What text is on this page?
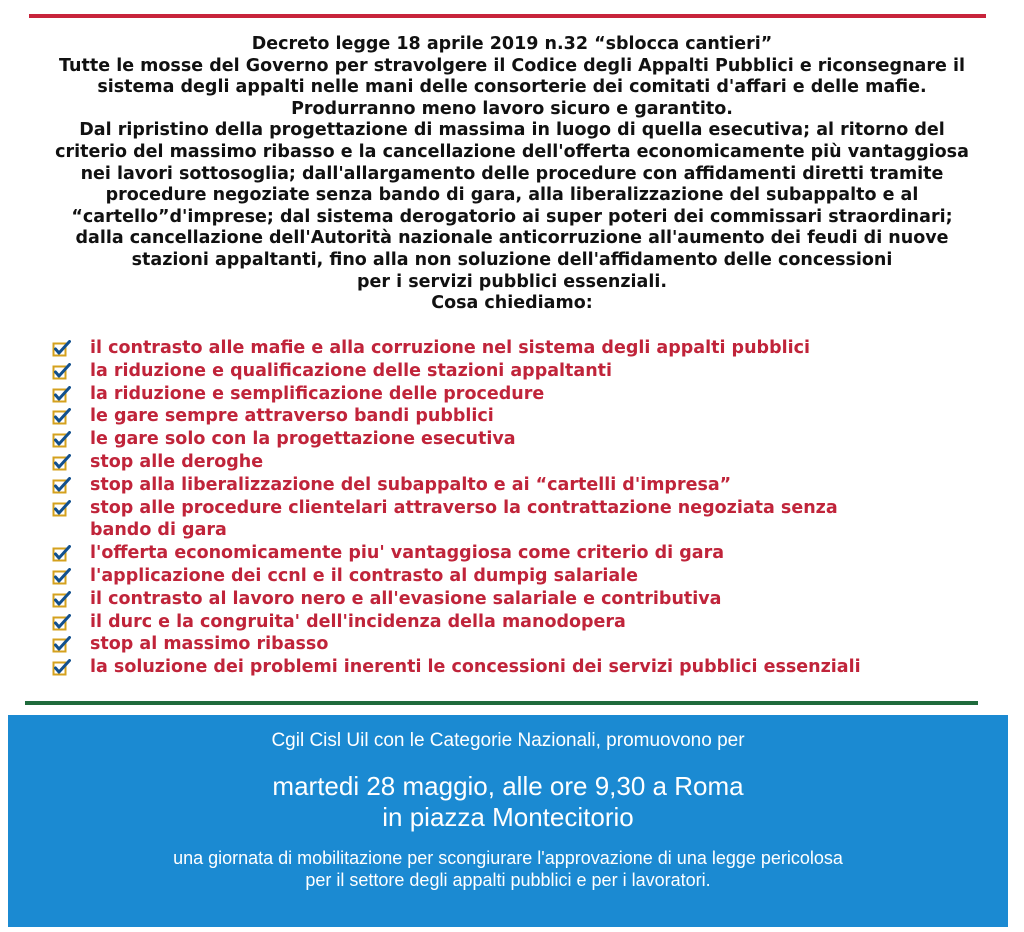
Decreto legge 18 aprile 2019 n.32 “sblocca cantieri”
Tutte le mosse del Governo per stravolgere il Codice degli Appalti Pubblici e riconsegnare il
sistema degli appalti nelle mani delle consorterie dei comitati d'affari e delle mafie.
Produrranno meno lavoro sicuro e garantito.
Dal ripristino della progettazione di massima in luogo di quella esecutiva; al ritorno del
criterio del massimo ribasso e la cancellazione dell'offerta economicamente più vantaggiosa
nei lavori sottosoglia; dall'allargamento delle procedure con affidamenti diretti tramite
procedure negoziate senza bando di gara, alla liberalizzazione del subappalto e al
“cartello”d'imprese; dal sistema derogatorio ai super poteri dei commissari straordinari;
dalla cancellazione dell'Autorità nazionale anticorruzione all'aumento dei feudi di nuove
stazioni appaltanti, fino alla non soluzione dell'affidamento delle concessioni
per i servizi pubblici essenziali.
Cosa chiediamo:
il contrasto alle mafie e alla corruzione nel sistema degli appalti pubblici
la riduzione e qualificazione delle stazioni appaltanti
la riduzione e semplificazione delle procedure
le gare sempre attraverso bandi pubblici
le gare solo con la progettazione esecutiva
stop alle deroghe
stop alla liberalizzazione del subappalto e ai “cartelli d'impresa”
stop alle procedure clientelari attraverso la contrattazione negoziata senza
bando di gara
l'offerta economicamente piu' vantaggiosa come criterio di gara
l'applicazione dei ccnl e il contrasto al dumpig salariale
il contrasto al lavoro nero e all'evasione salariale e contributiva
il durc e la congruita' dell'incidenza della manodopera
stop al massimo ribasso
la soluzione dei problemi inerenti le concessioni dei servizi pubblici essenziali
Cgil Cisl Uil con le Categorie Nazionali, promuovono per
martedi 28 maggio, alle ore 9,30 a Roma
in piazza Montecitorio
una giornata di mobilitazione per scongiurare l'approvazione di una legge pericolosa
per il settore degli appalti pubblici e per i lavoratori.
